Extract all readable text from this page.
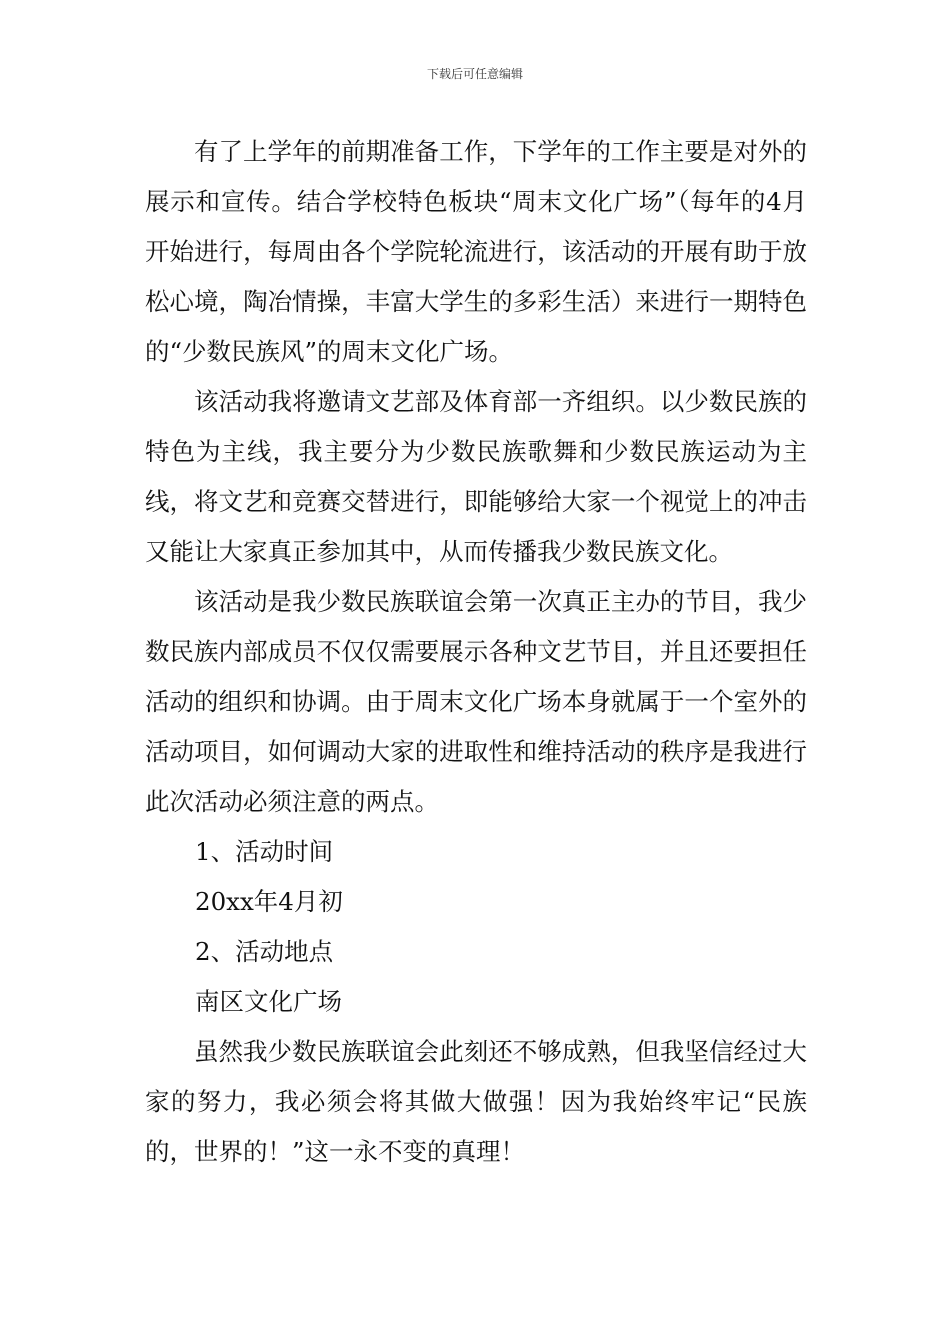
下载后可任意编辑

有了上学年的前期准备工作，下学年的工作主要是对外的展示和宣传。结合学校特色板块“周末文化广场”（每年的4月开始进行，每周由各个学院轮流进行，该活动的开展有助于放松心境，陶冶情操，丰富大学生的多彩生活）来进行一期特色的“少数民族风”的周末文化广场。

该活动我将邀请文艺部及体育部一齐组织。以少数民族的特色为主线，我主要分为少数民族歌舞和少数民族运动为主线，将文艺和竞赛交替进行，即能够给大家一个视觉上的冲击又能让大家真正参加其中，从而传播我少数民族文化。

该活动是我少数民族联谊会第一次真正主办的节目，我少数民族内部成员不仅仅需要展示各种文艺节目，并且还要担任活动的组织和协调。由于周末文化广场本身就属于一个室外的活动项目，如何调动大家的进取性和维持活动的秩序是我进行此次活动必须注意的两点。

1、活动时间

20xx年4月初

2、活动地点

南区文化广场

虽然我少数民族联谊会此刻还不够成熟，但我坚信经过大家的努力，我必须会将其做大做强！因为我始终牢记“民族的，世界的！”这一永不变的真理！
